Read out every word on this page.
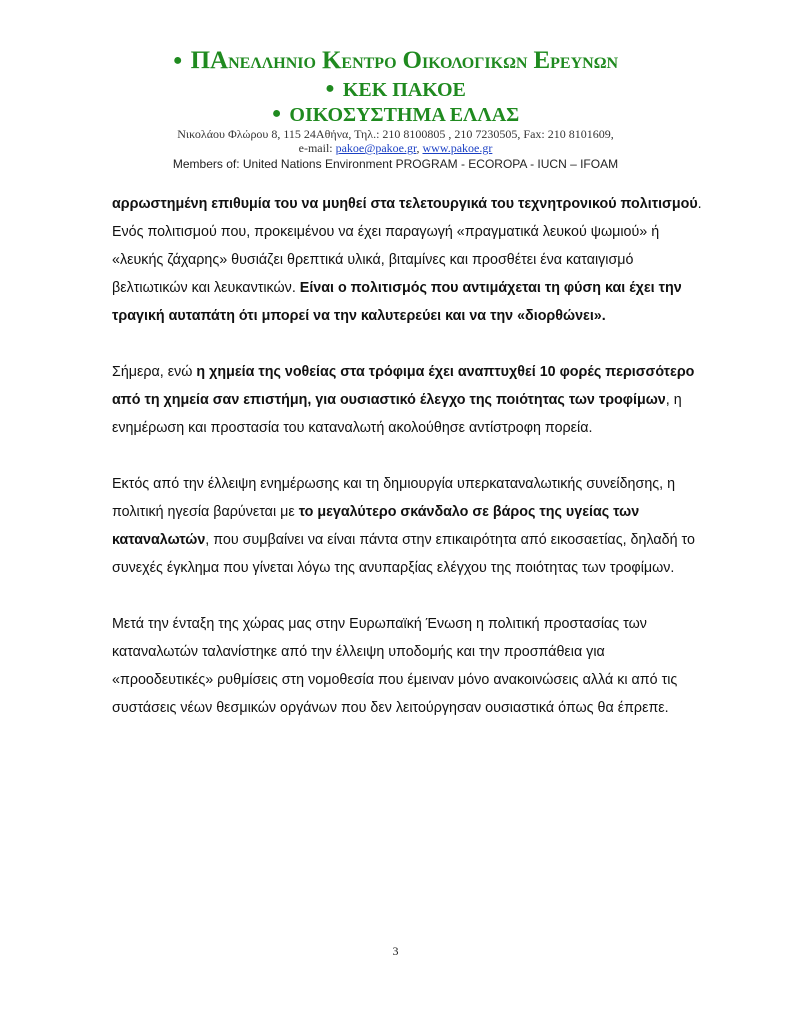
● ΠΑΝΕΛΛΗΝΙΟ ΚΕΝΤΡΟ ΟΙΚΟΛΟΓΙΚΩΝ ΕΡΕΥΝΩΝ
● ΚΕΚ ΠΑΚΟΕ
● ΟΙΚΟΣΥΣΤΗΜΑ ΕΛΛΑΣ
Νικολάου Φλώρου 8, 115 24Αθήνα, Τηλ.: 210 8100805 , 210 7230505, Fax: 210 8101609,
e-mail: pakoe@pakoe.gr, www.pakoe.gr
Members of: United Nations Environment PROGRAM - ECOROPA - IUCN – IFOAM

αρρωστημένη επιθυμία του να μυηθεί στα τελετουργικά του τεχνητρονικού πολιτισμού. Ενός πολιτισμού που, προκειμένου να έχει παραγωγή «πραγματικά λευκού ψωμιού» ή «λευκής ζάχαρης» θυσιάζει θρεπτικά υλικά, βιταμίνες και προσθέτει ένα καταιγισμό βελτιωτικών και λευκαντικών. Είναι ο πολιτισμός που αντιμάχεται τη φύση και έχει την τραγική αυταπάτη ότι μπορεί να την καλυτερεύει και να την «διορθώνει».

Σήμερα, ενώ η χημεία της νοθείας στα τρόφιμα έχει αναπτυχθεί 10 φορές περισσότερο από τη χημεία σαν επιστήμη, για ουσιαστικό έλεγχο της ποιότητας των τροφίμων, η ενημέρωση και προστασία του καταναλωτή ακολούθησε αντίστροφη πορεία.

Εκτός από την έλλειψη ενημέρωσης και τη δημιουργία υπερκαταναλωτικής συνείδησης, η πολιτική ηγεσία βαρύνεται με το μεγαλύτερο σκάνδαλο σε βάρος της υγείας των καταναλωτών, που συμβαίνει να είναι πάντα στην επικαιρότητα από εικοσαετίας, δηλαδή το συνεχές έγκλημα που γίνεται λόγω της ανυπαρξίας ελέγχου της ποιότητας των τροφίμων.

Μετά την ένταξη της χώρας μας στην Ευρωπαϊκή Ένωση η πολιτική προστασίας των καταναλωτών ταλανίστηκε από την έλλειψη υποδομής και την προσπάθεια για «προοδευτικές» ρυθμίσεις στη νομοθεσία που έμειναν μόνο ανακοινώσεις αλλά κι από τις συστάσεις νέων θεσμικών οργάνων που δεν λειτούργησαν ουσιαστικά όπως θα έπρεπε.

3
